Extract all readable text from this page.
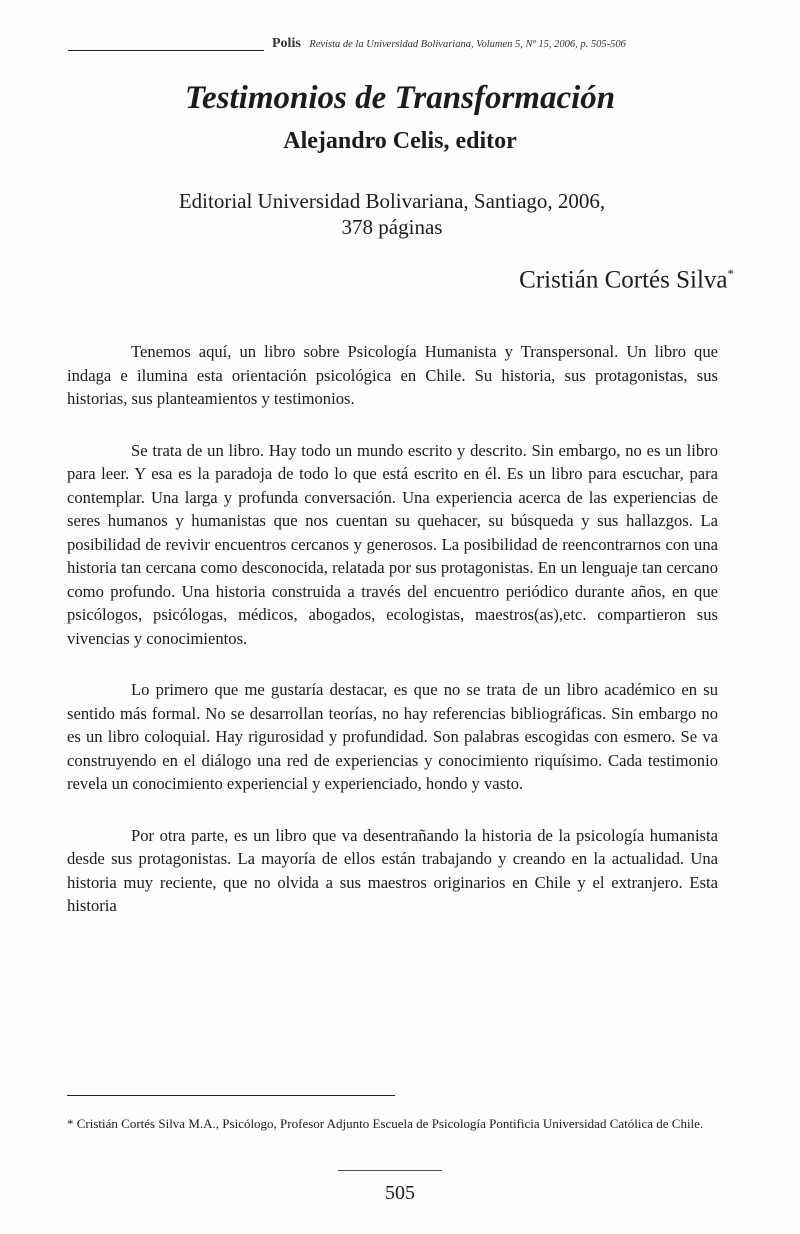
Polis Revista de la Universidad Bolivariana, Volumen 5, Nº 15, 2006, p. 505-506
Testimonios de Transformación
Alejandro Celis, editor
Editorial Universidad Bolivariana, Santiago, 2006,
378 páginas
Cristián Cortés Silva*

Tenemos aquí, un libro sobre Psicología Humanista y Transpersonal. Un libro que indaga e ilumina esta orientación psicológica en Chile. Su historia, sus protagonistas, sus historias, sus planteamientos y testimonios.

Se trata de un libro. Hay todo un mundo escrito y descrito. Sin embargo, no es un libro para leer. Y esa es la paradoja de todo lo que está escrito en él. Es un libro para escuchar, para contemplar. Una larga y profunda conversación. Una experiencia acerca de las experiencias de seres humanos y humanistas que nos cuentan su quehacer, su búsqueda y sus hallazgos. La posibilidad de revivir encuentros cercanos y generosos. La posibilidad de reencontrarnos con una historia tan cercana como desconocida, relatada por sus protagonistas. En un lenguaje tan cercano como profundo. Una historia construida a través del encuentro periódico durante años, en que psicólogos, psicólogas, médicos, abogados, ecologistas, maestros(as),etc. compartieron sus vivencias y conocimientos.

Lo primero que me gustaría destacar, es que no se trata de un libro académico en su sentido más formal. No se desarrollan teorías, no hay referencias bibliográficas. Sin embargo no es un libro coloquial. Hay rigurosidad y profundidad. Son palabras escogidas con esmero. Se va construyendo en el diálogo una red de experiencias y conocimiento riquísimo. Cada testimonio revela un conocimiento experiencial y experienciado, hondo y vasto.

Por otra parte, es un libro que va desentrañando la historia de la psicología humanista desde sus protagonistas. La mayoría de ellos están trabajando y creando en la actualidad. Una historia muy reciente, que no olvida a sus maestros originarios en Chile y el extranjero. Esta historia

* Cristián Cortés Silva M.A., Psicólogo, Profesor Adjunto Escuela de Psicología Pontificia Universidad Católica de Chile.

505
